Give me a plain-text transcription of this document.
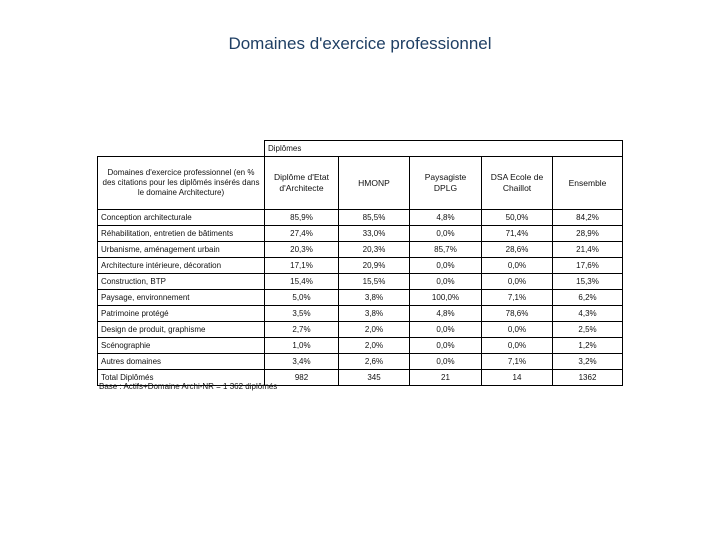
Domaines d'exercice professionnel
	Diplômes				
Domaines d'exercice professionnel (en % des citations pour les diplômés insérés dans le domaine Architecture)	Diplôme d'Etat d'Architecte	HMONP	Paysagiste DPLG	DSA Ecole de Chaillot	Ensemble
Conception architecturale	85,9%	85,5%	4,8%	50,0%	84,2%
Réhabilitation, entretien de bâtiments	27,4%	33,0%	0,0%	71,4%	28,9%
Urbanisme, aménagement urbain	20,3%	20,3%	85,7%	28,6%	21,4%
Architecture intérieure, décoration	17,1%	20,9%	0,0%	0,0%	17,6%
Construction, BTP	15,4%	15,5%	0,0%	0,0%	15,3%
Paysage, environnement	5,0%	3,8%	100,0%	7,1%	6,2%
Patrimoine protégé	3,5%	3,8%	4,8%	78,6%	4,3%
Design de produit, graphisme	2,7%	2,0%	0,0%	0,0%	2,5%
Scénographie	1,0%	2,0%	0,0%	0,0%	1,2%
Autres domaines	3,4%	2,6%	0,0%	7,1%	3,2%
Total Diplômés	982	345	21	14	1362
Base : Actifs+Domaine Archi-NR = 1 362 diplômés
